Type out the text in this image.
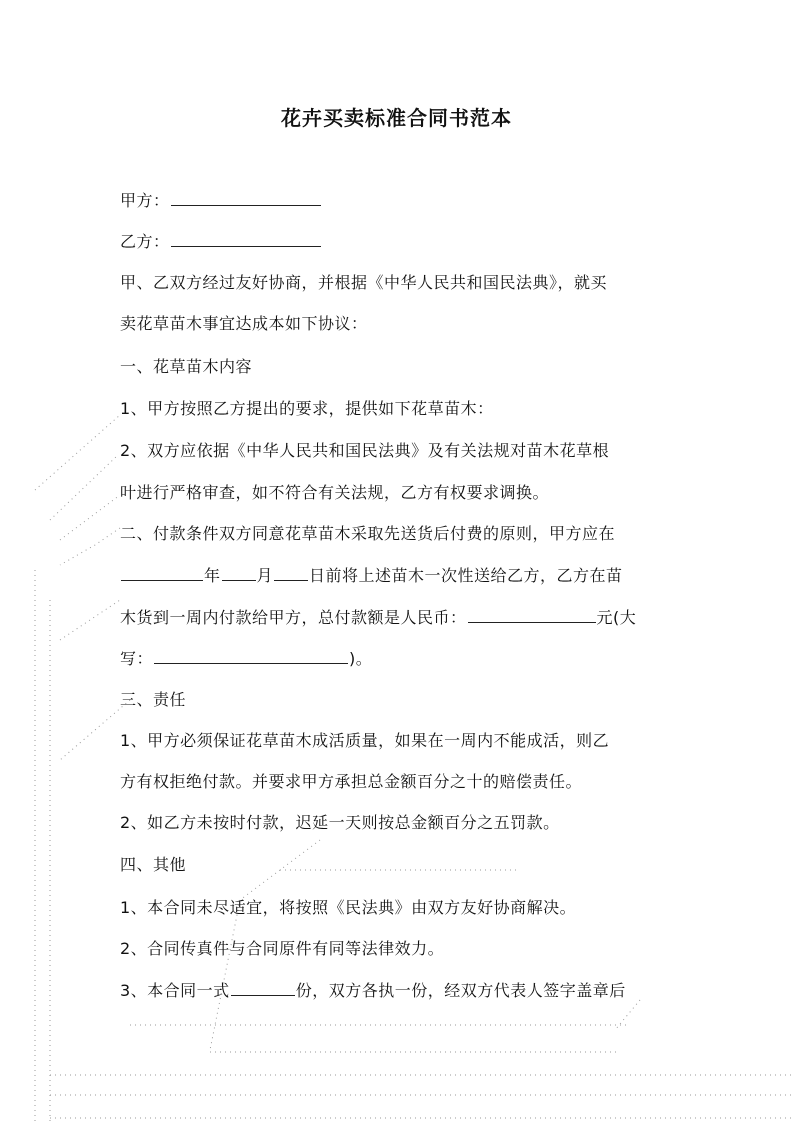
花卉买卖标准合同书范本
甲方：
乙方：
甲、乙双方经过友好协商，并根据《中华人民共和国民法典》，就买
卖花草苗木事宜达成本如下协议：
一、花草苗木内容
1、甲方按照乙方提出的要求，提供如下花草苗木：
2、双方应依据《中华人民共和国民法典》及有关法规对苗木花草根
叶进行严格审查，如不符合有关法规，乙方有权要求调换。
二、付款条件双方同意花草苗木采取先送货后付费的原则，甲方应在
年 月 日前将上述苗木一次性送给乙方，乙方在苗
木货到一周内付款给甲方，总付款额是人民币：	元(大
写：	)。
三、责任
1、甲方必须保证花草苗木成活质量，如果在一周内不能成活，则乙
方有权拒绝付款。并要求甲方承担总金额百分之十的赔偿责任。
2、如乙方未按时付款，迟延一天则按总金额百分之五罚款。
四、其他
1、本合同未尽适宜，将按照《民法典》由双方友好协商解决。
2、合同传真件与合同原件有同等法律效力。
3、本合同一式	份，双方各执一份，经双方代表人签字盖章后
